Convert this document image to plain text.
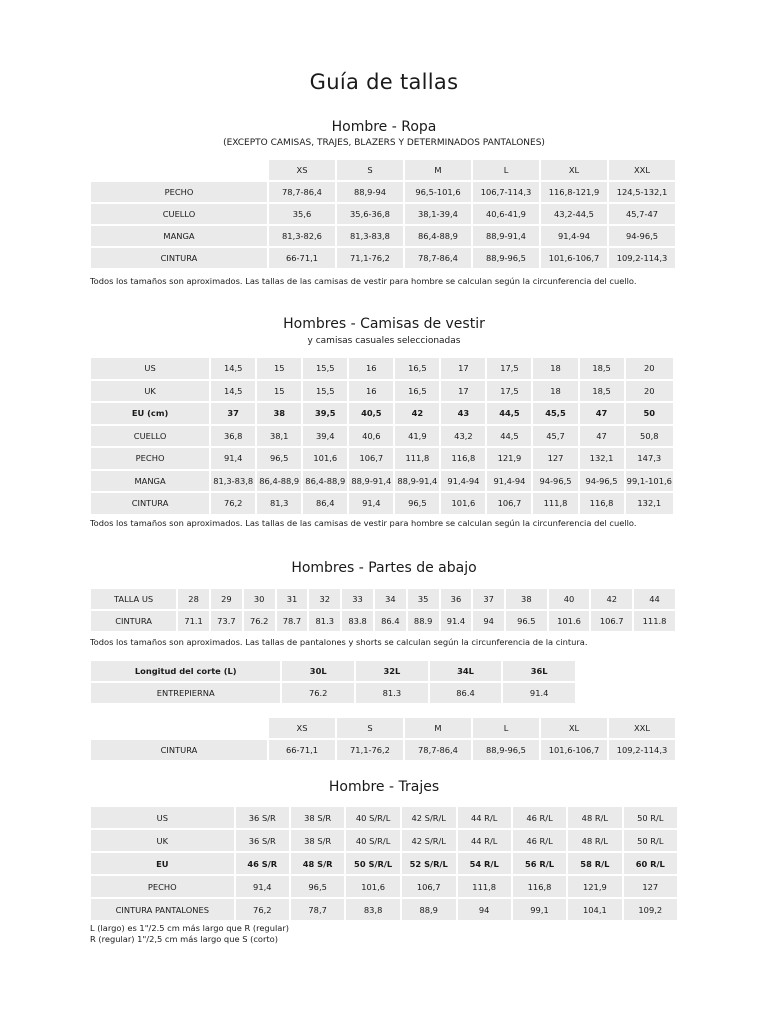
Guía de tallas
Hombre - Ropa
(EXCEPTO CAMISAS, TRAJES, BLAZERS Y DETERMINADOS PANTALONES)
	XS	S	M	L	XL	XXL
PECHO	78,7-86,4	88,9-94	96,5-101,6	106,7-114,3	116,8-121,9	124,5-132,1
CUELLO	35,6	35,6-36,8	38,1-39,4	40,6-41,9	43,2-44,5	45,7-47
MANGA	81,3-82,6	81,3-83,8	86,4-88,9	88,9-91,4	91,4-94	94-96,5
CINTURA	66-71,1	71,1-76,2	78,7-86,4	88,9-96,5	101,6-106,7	109,2-114,3
Todos los tamaños son aproximados. Las tallas de las camisas de vestir para hombre se calculan según la circunferencia del cuello.
Hombres - Camisas de vestir
y camisas casuales seleccionadas
US	14,5	15	15,5	16	16,5	17	17,5	18	18,5	20
UK	14,5	15	15,5	16	16,5	17	17,5	18	18,5	20
EU (cm)	37	38	39,5	40,5	42	43	44,5	45,5	47	50
CUELLO	36,8	38,1	39,4	40,6	41,9	43,2	44,5	45,7	47	50,8
PECHO	91,4	96,5	101,6	106,7	111,8	116,8	121,9	127	132,1	147,3
MANGA	81,3-83,8	86,4-88,9	86,4-88,9	88,9-91,4	88,9-91,4	91,4-94	91,4-94	94-96,5	94-96,5	99,1-101,6
CINTURA	76,2	81,3	86,4	91,4	96,5	101,6	106,7	111,8	116,8	132,1
Todos los tamaños son aproximados. Las tallas de las camisas de vestir para hombre se calculan según la circunferencia del cuello.
Hombres - Partes de abajo
TALLA US	28	29	30	31	32	33	34	35	36	37	38	40	42	44
CINTURA	71.1	73.7	76.2	78.7	81.3	83.8	86.4	88.9	91.4	94	96.5	101.6	106.7	111.8
Todos los tamaños son aproximados. Las tallas de pantalones y shorts se calculan según la circunferencia de la cintura.
Longitud del corte (L)	30L	32L	34L	36L
ENTREPIERNA	76.2	81.3	86.4	91.4
	XS	S	M	L	XL	XXL
CINTURA	66-71,1	71,1-76,2	78,7-86,4	88,9-96,5	101,6-106,7	109,2-114,3
Hombre - Trajes
US	36 S/R	38 S/R	40 S/R/L	42 S/R/L	44 R/L	46 R/L	48 R/L	50 R/L
UK	36 S/R	38 S/R	40 S/R/L	42 S/R/L	44 R/L	46 R/L	48 R/L	50 R/L
EU	46 S/R	48 S/R	50 S/R/L	52 S/R/L	54 R/L	56 R/L	58 R/L	60 R/L
PECHO	91,4	96,5	101,6	106,7	111,8	116,8	121,9	127
CINTURA PANTALONES	76,2	78,7	83,8	88,9	94	99,1	104,1	109,2
L (largo) es 1"/2.5 cm más largo que R (regular)
R (regular) 1"/2,5 cm más largo que S (corto)
